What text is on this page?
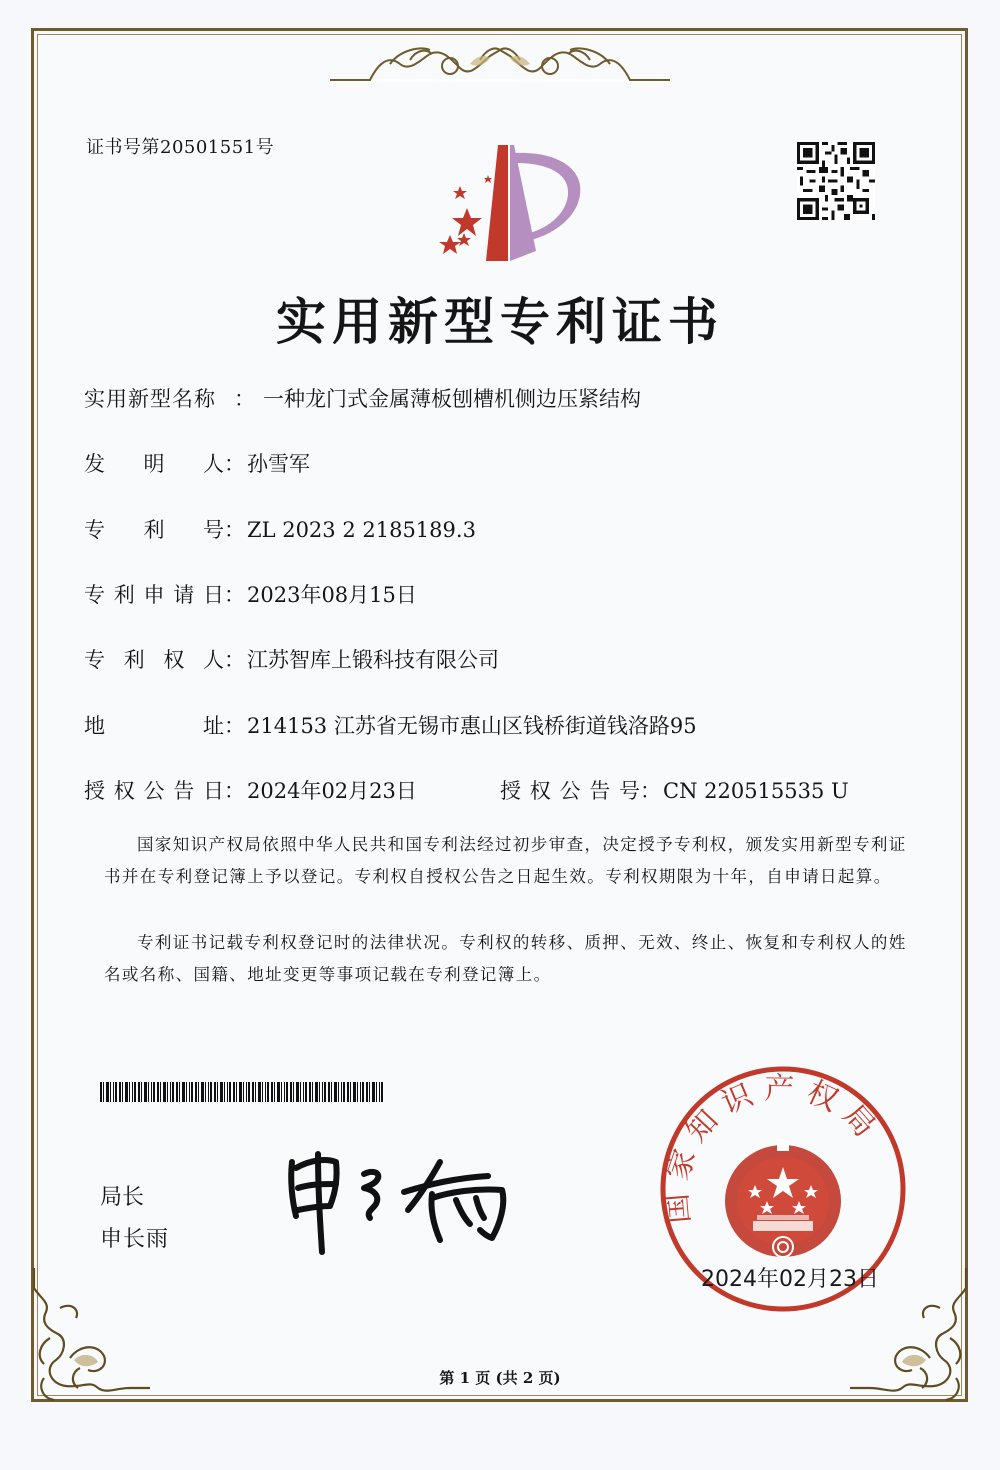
证书号第20501551号
实用新型专利证书
实用新型名称 ： 一种龙门式金属薄板刨槽机侧边压紧结构
发明人 ： 孙雪军
专利号 ： ZL 2023 2 2185189.3
专利申请日 ： 2023年08月15日
专利权人 ： 江苏智库上锻科技有限公司
地址 ： 214153 江苏省无锡市惠山区钱桥街道钱洛路95
授权公告日 ： 2024年02月23日	授权公告号 ： CN 220515535 U
国家知识产权局依照中华人民共和国专利法经过初步审查，决定授予专利权，颁发实用新型专利证书并在专利登记簿上予以登记。专利权自授权公告之日起生效。专利权期限为十年，自申请日起算。
专利证书记载专利权登记时的法律状况。专利权的转移、质押、无效、终止、恢复和专利权人的姓名或名称、国籍、地址变更等事项记载在专利登记簿上。
局长
申长雨
国家知识产权局
2024年02月23日
第 1 页 (共 2 页)
